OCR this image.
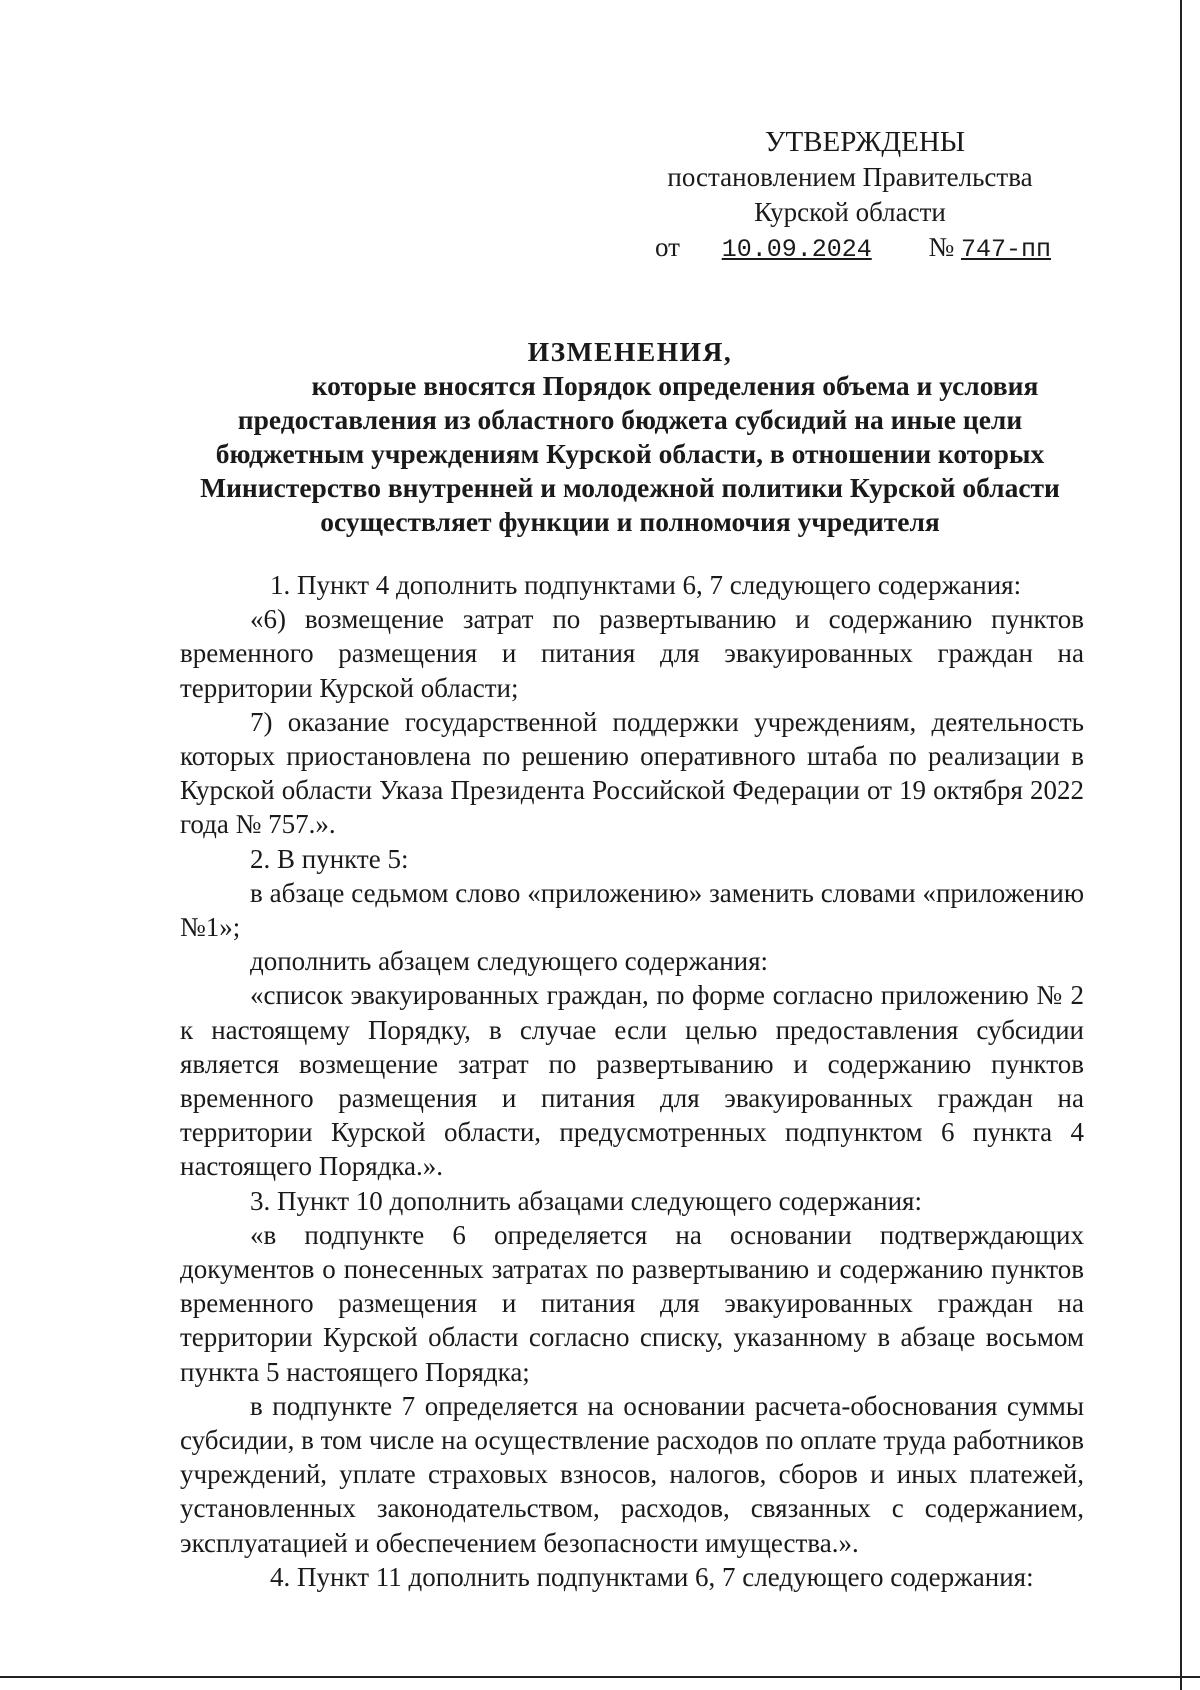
УТВЕРЖДЕНЫ
постановлением Правительства
Курской области
от 10.09.2024 № 747-пп
ИЗМЕНЕНИЯ,
которые вносятся Порядок определения объема и условия
предоставления из областного бюджета субсидий на иные цели
бюджетным учреждениям Курской области, в отношении которых
Министерство внутренней и молодежной политики Курской области
осуществляет функции и полномочия учредителя

1. Пункт 4 дополнить подпунктами 6, 7 следующего содержания:

«6) возмещение затрат по развертыванию и содержанию пунктов временного размещения и питания для эвакуированных граждан на территории Курской области;

7) оказание государственной поддержки учреждениям, деятельность которых приостановлена по решению оперативного штаба по реализации в Курской области Указа Президента Российской Федерации от 19 октября 2022 года № 757.».

2. В пункте 5:

в абзаце седьмом слово «приложению» заменить словами «приложению №1»;

дополнить абзацем следующего содержания:

«список эвакуированных граждан, по форме согласно приложению № 2 к настоящему Порядку, в случае если целью предоставления субсидии является возмещение затрат по развертыванию и содержанию пунктов временного размещения и питания для эвакуированных граждан на территории Курской области, предусмотренных подпунктом 6 пункта 4 настоящего Порядка.».

3. Пункт 10 дополнить абзацами следующего содержания:

«в подпункте 6 определяется на основании подтверждающих документов о понесенных затратах по развертыванию и содержанию пунктов временного размещения и питания для эвакуированных граждан на территории Курской области согласно списку, указанному в абзаце восьмом пункта 5 настоящего Порядка;

в подпункте 7 определяется на основании расчета-обоснования суммы субсидии, в том числе на осуществление расходов по оплате труда работников учреждений, уплате страховых взносов, налогов, сборов и иных платежей, установленных законодательством, расходов, связанных с содержанием, эксплуатацией и обеспечением безопасности имущества.».

4. Пункт 11 дополнить подпунктами 6, 7 следующего содержания:
